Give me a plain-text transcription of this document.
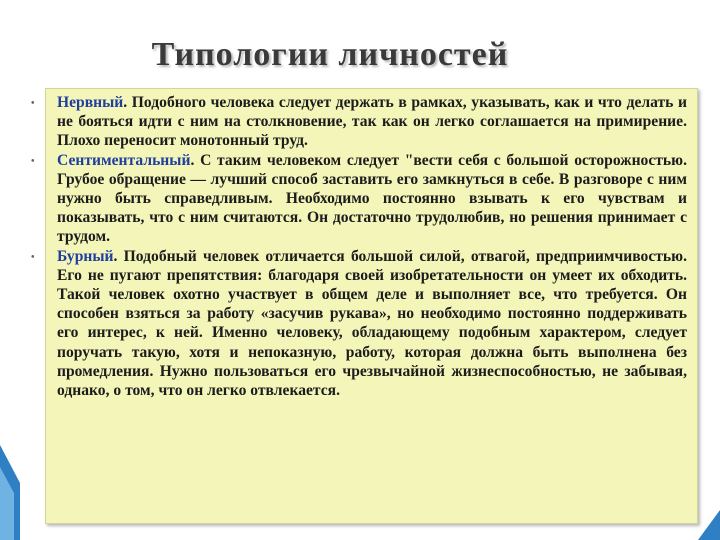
Типологии личностей
• Нервный. Подобного человека следует держать в рамках, указывать, как и что делать и не бояться идти с ним на столкновение, так как он легко соглашается на примирение. Плохо переносит монотонный труд.
• Сентиментальный. С таким человеком следует "вести себя с большой осторожностью. Грубое обращение — лучший способ заставить его замкнуться в себе. В разговоре с ним нужно быть справедливым. Необходимо постоянно взывать к его чувствам и показывать, что с ним считаются. Он достаточно трудолюбив, но решения принимает с трудом.
• Бурный. Подобный человек отличается большой силой, отвагой, предприимчивостью. Его не пугают препятствия: благодаря своей изобретательности он умеет их обходить. Такой человек охотно участвует в общем деле и выполняет все, что требуется. Он способен взяться за работу «засучив рукава», но необходимо постоянно поддерживать его интерес, к ней. Именно человеку, обладающему подобным характером, следует поручать такую, хотя и непоказную, работу, которая должна быть выполнена без промедления. Нужно пользоваться его чрезвычайной жизнеспособностью, не забывая, однако, о том, что он легко отвлекается.
